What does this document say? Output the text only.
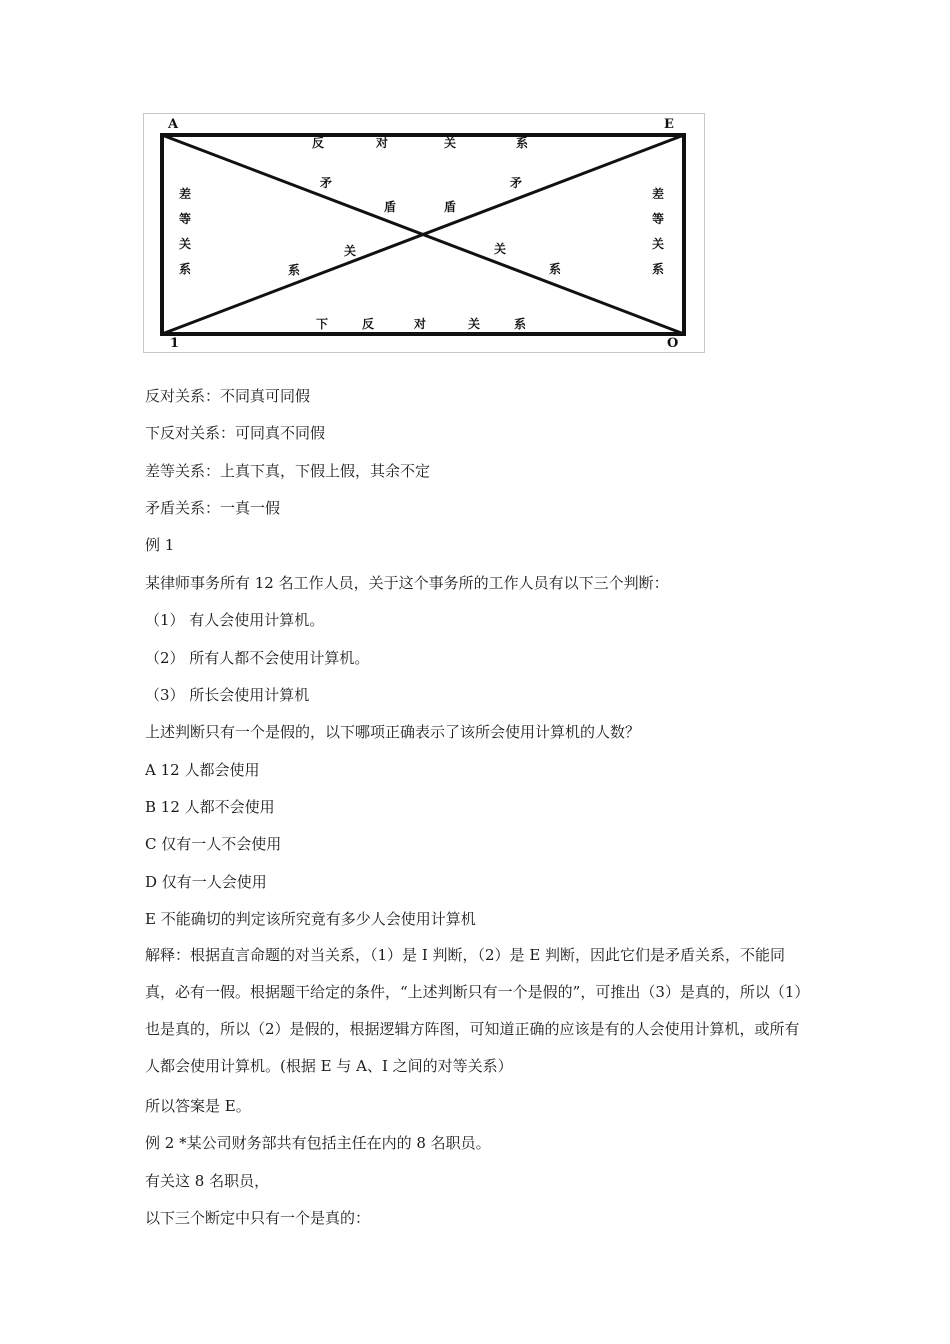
A	E
1	O
反	对	关	系
下	反	对	关	系
差
等
关
系
差
等
关
系
矛	矛
盾	盾
关	关
系	系
反对关系：不同真可同假
下反对关系：可同真不同假
差等关系：上真下真，下假上假，其余不定
矛盾关系：一真一假
例 1
某律师事务所有 12 名工作人员，关于这个事务所的工作人员有以下三个判断：
（1） 有人会使用计算机。
（2） 所有人都不会使用计算机。
（3） 所长会使用计算机
上述判断只有一个是假的，以下哪项正确表示了该所会使用计算机的人数？
A 12 人都会使用
B 12 人都不会使用
C 仅有一人不会使用
D 仅有一人会使用
E 不能确切的判定该所究竟有多少人会使用计算机
解释：根据直言命题的对当关系，（1）是 I 判断，（2）是 E 判断，因此它们是矛盾关系，不能同真，必有一假。根据题干给定的条件，“上述判断只有一个是假的”，可推出（3）是真的，所以（1）也是真的，所以（2）是假的，根据逻辑方阵图，可知道正确的应该是有的人会使用计算机，或所有人都会使用计算机。(根据 E 与 A、I 之间的对等关系）
所以答案是 E。
例 2 *某公司财务部共有包括主任在内的 8 名职员。
有关这 8 名职员，
以下三个断定中只有一个是真的：
